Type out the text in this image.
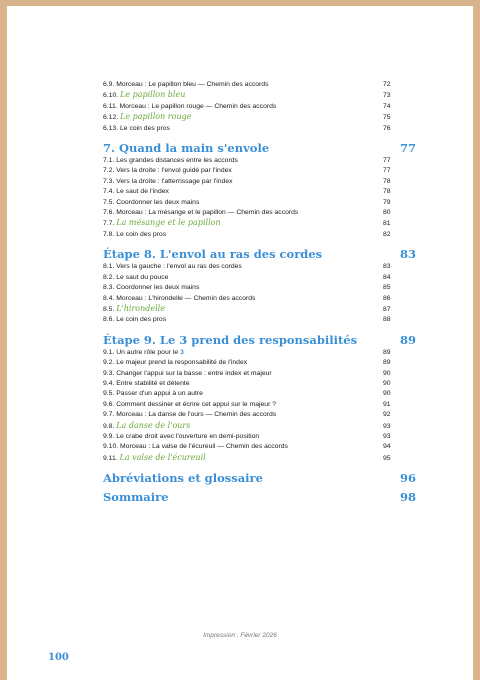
6.9. Morceau : Le papillon bleu — Chemin des accords	72
6.10. Le papillon bleu	73
6.11. Morceau : Le papillon rouge — Chemin des accords	74
6.12. Le papillon rouge	75
6.13. Le coin des pros	76
7. Quand la main s'envole	77
7.1. Les grandes distances entre les accords	77
7.2. Vers la droite : l'envol guidé par l'index	77
7.3. Vers la droite : l'atterrissage par l'index	78
7.4. Le saut de l'index	78
7.5. Coordonner les deux mains	79
7.6. Morceau : La mésange et le papillon — Chemin des accords	80
7.7. La mésange et le papillon	81
7.8. Le coin des pros	82
Étape 8. L'envol au ras des cordes	83
8.1. Vers la gauche : l'envol au ras des cordes	83
8.2. Le saut du pouce	84
8.3. Coordonner les deux mains	85
8.4. Morceau : L'hirondelle — Chemin des accords	86
8.5. L'hirondelle	87
8.6. Le coin des pros	88
Étape 9. Le 3 prend des responsabilités	89
9.1. Un autre rôle pour le 3	89
9.2. Le majeur prend la responsabilité de l'index	89
9.3. Changer l'appui sur la basse : entre index et majeur	90
9.4. Entre stabilité et détente	90
9.5. Passer d'un appui à un autre	90
9.6. Comment dessiner et écrire cet appui sur le majeur ?	91
9.7. Morceau : La danse de l'ours — Chemin des accords	92
9.8. La danse de l'ours	93
9.9. Le crabe droit avec l'ouverture en demi-position	93
9.10. Morceau : La valse de l'écureuil — Chemin des accords	94
9.11. La valse de l'écureuil	95
Abréviations et glossaire	96
Sommaire	98
Impression : Février 2026
100
